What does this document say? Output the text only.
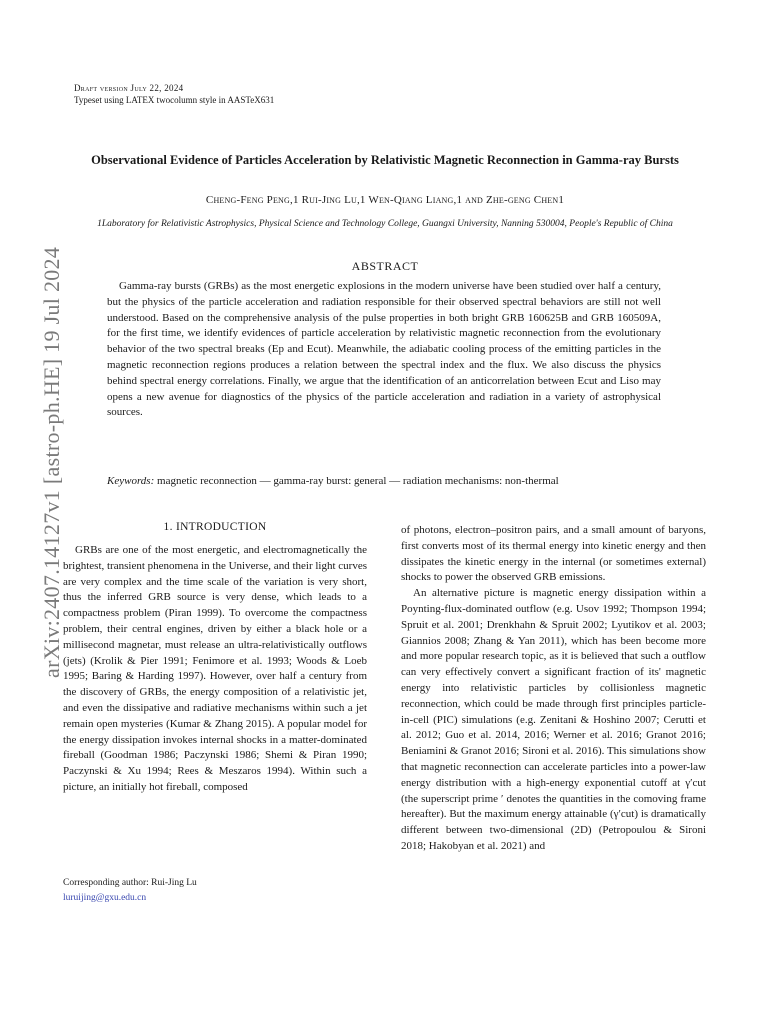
arXiv:2407.14127v1 [astro-ph.HE] 19 Jul 2024
Draft version July 22, 2024
Typeset using LATEX twocolumn style in AASTeX631
Observational Evidence of Particles Acceleration by Relativistic Magnetic Reconnection in Gamma-ray Bursts
Cheng-Feng Peng,1 Rui-Jing Lu,1 Wen-Qiang Liang,1 and Zhe-geng Chen1
1Laboratory for Relativistic Astrophysics, Physical Science and Technology College, Guangxi University, Nanning 530004, People's Republic of China
ABSTRACT
Gamma-ray bursts (GRBs) as the most energetic explosions in the modern universe have been studied over half a century, but the physics of the particle acceleration and radiation responsible for their observed spectral behaviors are still not well understood. Based on the comprehensive analysis of the pulse properties in both bright GRB 160625B and GRB 160509A, for the first time, we identify evidences of particle acceleration by relativistic magnetic reconnection from the evolutionary behavior of the two spectral breaks (Ep and Ecut). Meanwhile, the adiabatic cooling process of the emitting particles in the magnetic reconnection regions produces a relation between the spectral index and the flux. We also discuss the physics behind spectral energy correlations. Finally, we argue that the identification of an anticorrelation between Ecut and Liso may opens a new avenue for diagnostics of the physics of the particle acceleration and radiation in a variety of astrophysical sources.
Keywords: magnetic reconnection — gamma-ray burst: general — radiation mechanisms: non-thermal
1. INTRODUCTION
GRBs are one of the most energetic, and electromagnetically the brightest, transient phenomena in the Universe, and their light curves are very complex and the time scale of the variation is very short, thus the inferred GRB source is very dense, which leads to a compactness problem (Piran 1999). To overcome the compactness problem, their central engines, driven by either a black hole or a millisecond magnetar, must release an ultra-relativistically outflows (jets) (Krolik & Pier 1991; Fenimore et al. 1993; Woods & Loeb 1995; Baring & Harding 1997). However, over half a century from the discovery of GRBs, the energy composition of a relativistic jet, and even the dissipative and radiative mechanisms within such a jet remain open mysteries (Kumar & Zhang 2015). A popular model for the energy dissipation invokes internal shocks in a matter-dominated fireball (Goodman 1986; Paczynski 1986; Shemi & Piran 1990; Paczynski & Xu 1994; Rees & Meszaros 1994). Within such a picture, an initially hot fireball, composed

of photons, electron–positron pairs, and a small amount of baryons, first converts most of its thermal energy into kinetic energy and then dissipates the kinetic energy in the internal (or sometimes external) shocks to power the observed GRB emissions.

An alternative picture is magnetic energy dissipation within a Poynting-flux-dominated outflow (e.g. Usov 1992; Thompson 1994; Spruit et al. 2001; Drenkhahn & Spruit 2002; Lyutikov et al. 2003; Giannios 2008; Zhang & Yan 2011), which has been become more and more popular research topic, as it is believed that such a outflow can very effectively convert a significant fraction of its' magnetic energy into relativistic particles by collisionless magnetic reconnection, which could be made through first principles particle-in-cell (PIC) simulations (e.g. Zenitani & Hoshino 2007; Cerutti et al. 2012; Guo et al. 2014, 2016; Werner et al. 2016; Granot 2016; Beniamini & Granot 2016; Sironi et al. 2016). This simulations show that magnetic reconnection can accelerate particles into a power-law energy distribution with a high-energy exponential cutoff at γ′cut (the superscript prime ′ denotes the quantities in the comoving frame hereafter). But the maximum energy attainable (γ′cut) is dramatically different between two-dimensional (2D) (Petropoulou & Sironi 2018; Hakobyan et al. 2021) and

Corresponding author: Rui-Jing Lu
luruijing@gxu.edu.cn
